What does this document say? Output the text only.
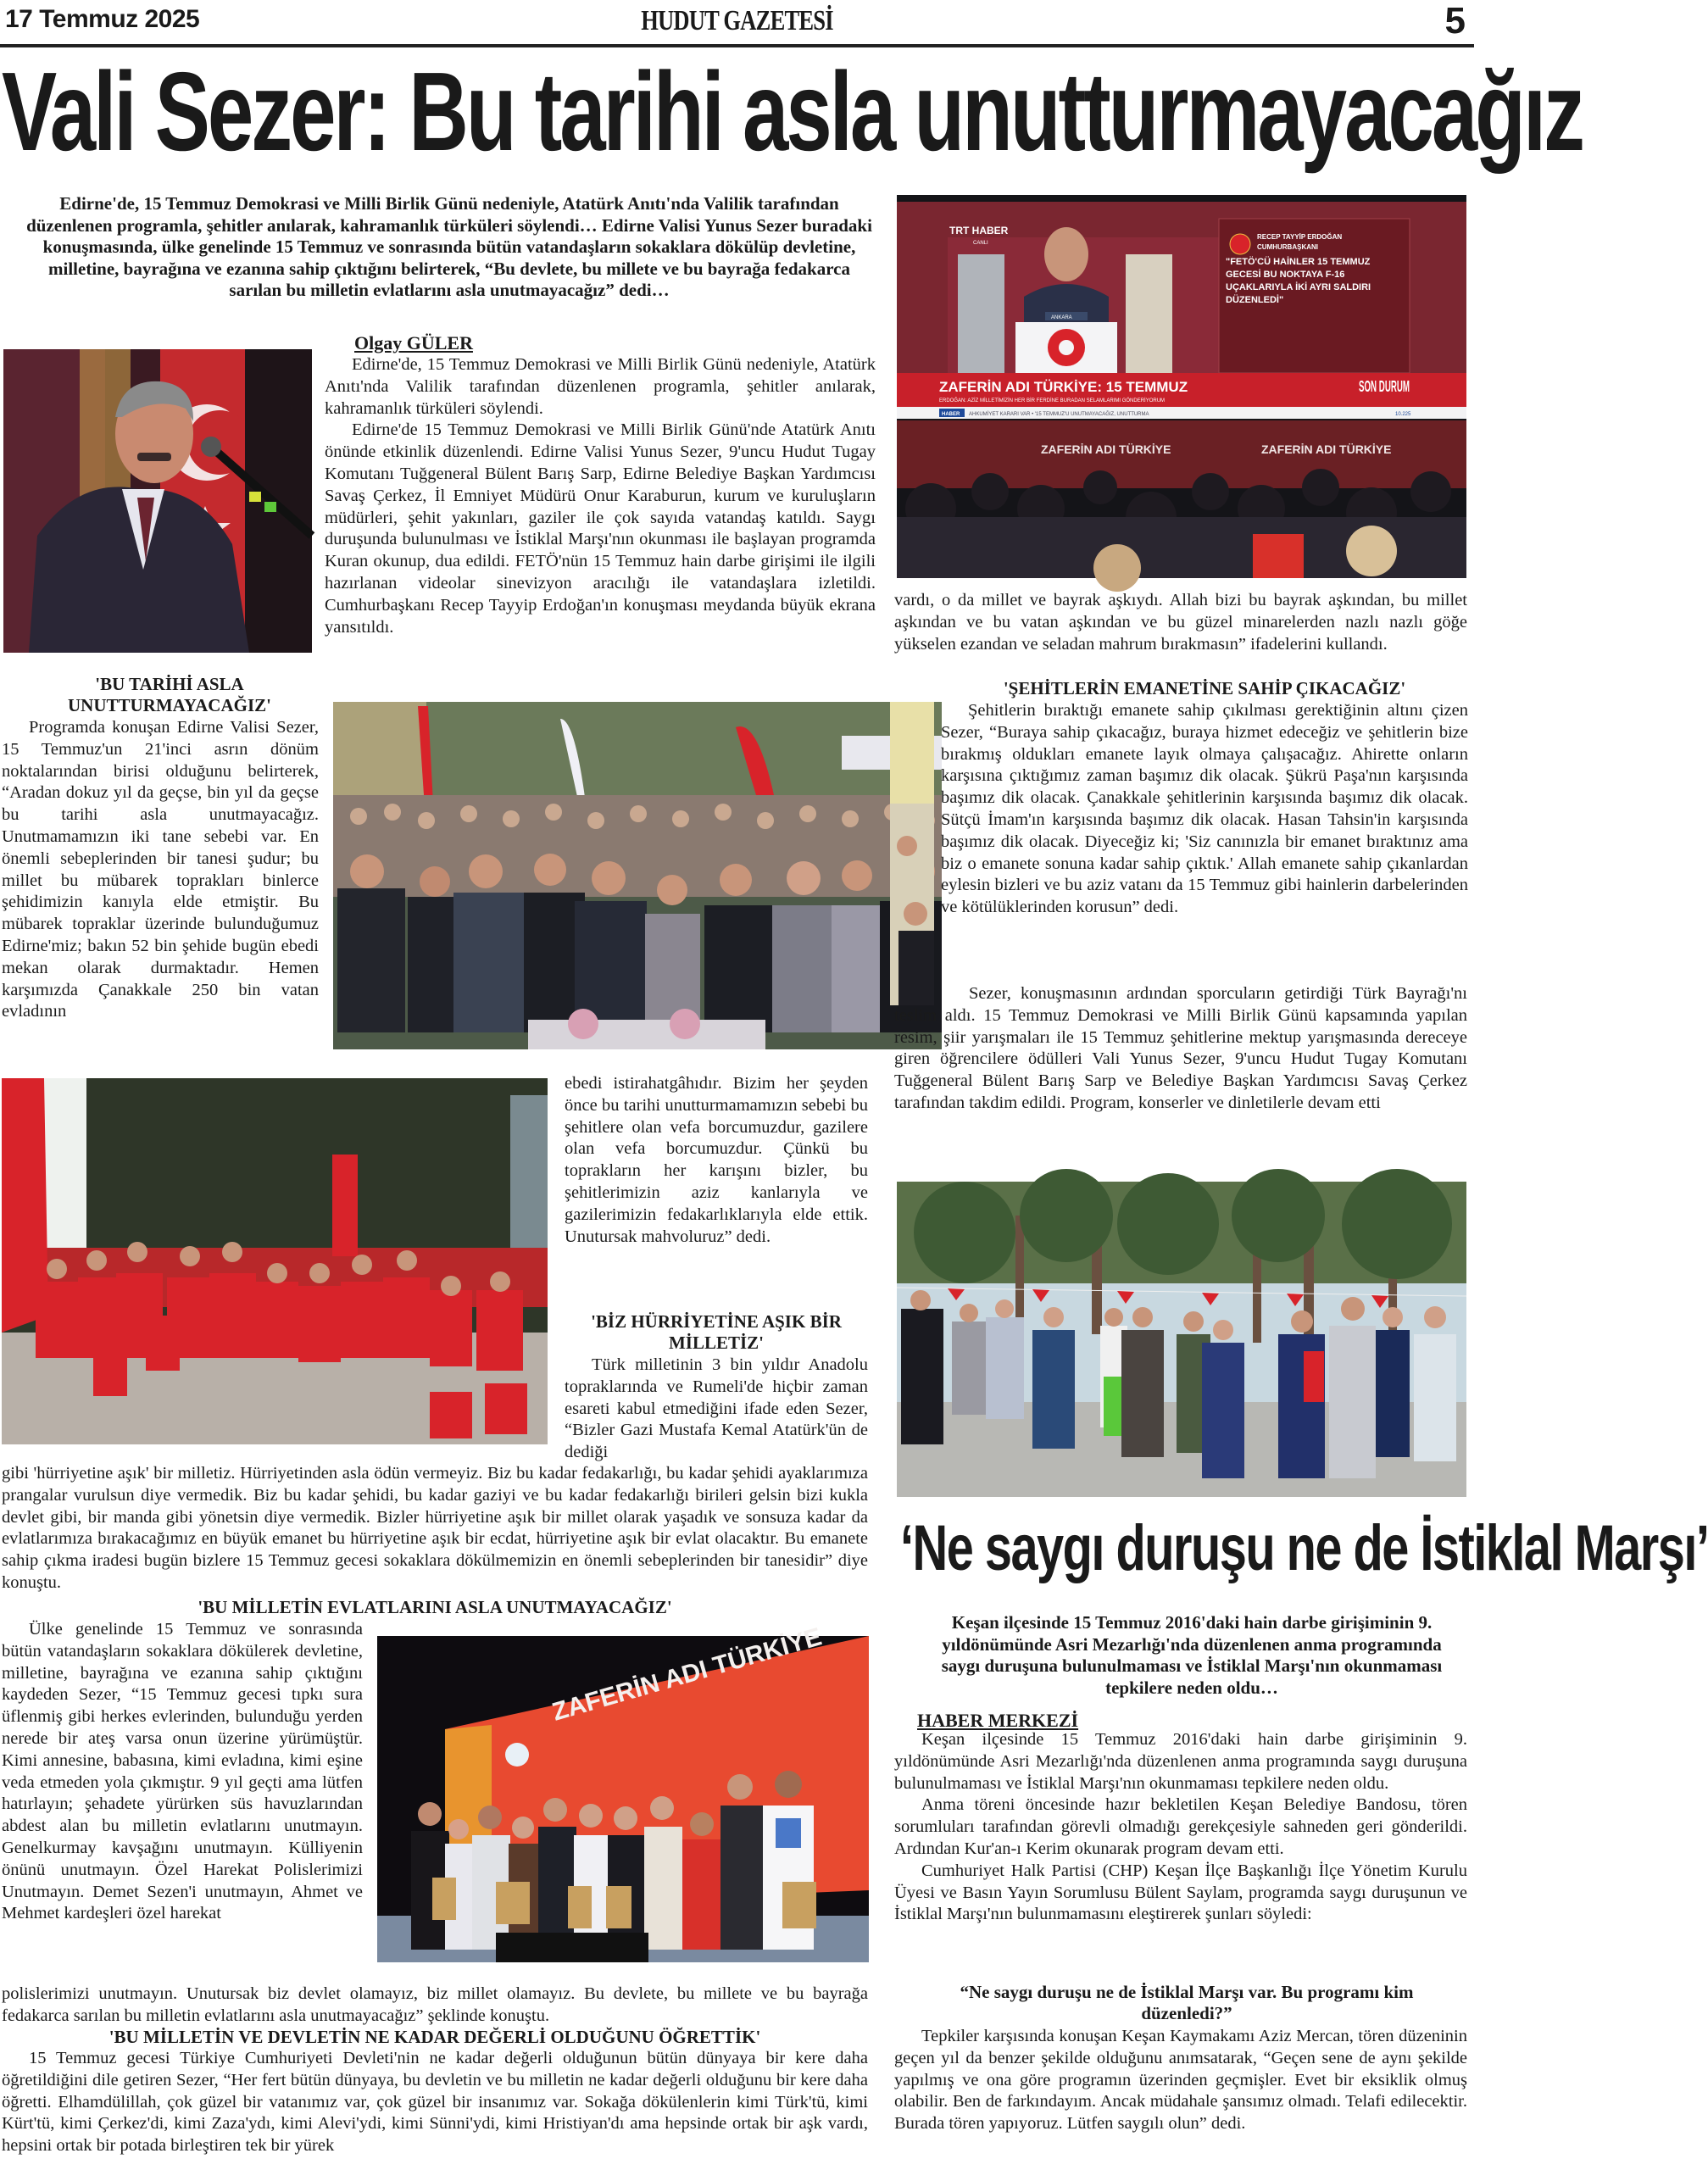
17 Temmuz 2025	HUDUT GAZETESİ	5
Vali Sezer: Bu tarihi asla unutturmayacağız
Edirne'de, 15 Temmuz Demokrasi ve Milli Birlik Günü nedeniyle, Atatürk Anıtı'nda Valilik tarafından düzenlenen programla, şehitler anılarak, kahramanlık türküleri söylendi… Edirne Valisi Yunus Sezer buradaki konuşmasında, ülke genelinde 15 Temmuz ve sonrasında bütün vatandaşların sokaklara dökülüp devletine, milletine, bayrağına ve ezanına sahip çıktığını belirterek, “Bu devlete, bu millete ve bu bayrağa fedakarca sarılan bu milletin evlatlarını asla unutmayacağız” dedi…
Olgay GÜLER

Edirne'de, 15 Temmuz Demokrasi ve Milli Birlik Günü nedeniyle, Atatürk Anıtı'nda Valilik tarafından düzenlenen programla, şehitler anılarak, kahramanlık türküleri söylendi.

Edirne'de 15 Temmuz Demokrasi ve Milli Birlik Günü'nde Atatürk Anıtı önünde etkinlik düzenlendi. Edirne Valisi Yunus Sezer, 9'uncu Hudut Tugay Komutanı Tuğgeneral Bülent Barış Sarp, Edirne Belediye Başkan Yardımcısı Savaş Çerkez, İl Emniyet Müdürü Onur Karaburun, kurum ve kuruluşların müdürleri, şehit yakınları, gaziler ile çok sayıda vatandaş katıldı. Saygı duruşunda bulunulması ve İstiklal Marşı'nın okunması ile başlayan programda Kuran okunup, dua edildi. FETÖ'nün 15 Temmuz hain darbe girişimi ile ilgili hazırlanan videolar sinevizyon aracılığı ile vatandaşlara izletildi. Cumhurbaşkanı Recep Tayyip Erdoğan'ın konuşması meydanda büyük ekrana yansıtıldı.

'BU TARİHİ ASLA UNUTTURMAYACAĞIZ'

Programda konuşan Edirne Valisi Sezer, 15 Temmuz'un 21'inci asrın dönüm noktalarından birisi olduğunu belirterek, “Aradan dokuz yıl da geçse, bin yıl da geçse bu tarihi asla unutmayacağız. Unutmamamızın iki tane sebebi var. En önemli sebeplerinden bir tanesi şudur; bu millet bu mübarek toprakları binlerce şehidimizin kanıyla elde etmiştir. Bu mübarek topraklar üzerinde bulunduğumuz Edirne'miz; bakın 52 bin şehide bugün ebedi mekan olarak durmaktadır. Hemen karşımızda Çanakkale 250 bin vatan evladının

ebedi istirahatgâhıdır. Bizim her şeyden önce bu tarihi unutturmamamızın sebebi bu şehitlere olan vefa borcumuzdur, gazilere olan vefa borcumuzdur. Çünkü bu toprakların her karışını bizler, bu şehitlerimizin aziz kanlarıyla ve gazilerimizin fedakarlıklarıyla elde ettik. Unutursak mahvoluruz” dedi.

'BİZ HÜRRİYETİNE AŞIK BİR MİLLETİZ'

Türk milletinin 3 bin yıldır Anadolu topraklarında ve Rumeli'de hiçbir zaman esareti kabul etmediğini ifade eden Sezer, “Bizler Gazi Mustafa Kemal Atatürk'ün de dediği

gibi 'hürriyetine aşık' bir milletiz. Hürriyetinden asla ödün vermeyiz. Biz bu kadar fedakarlığı, bu kadar şehidi ayaklarımıza prangalar vurulsun diye vermedik. Biz bu kadar şehidi, bu kadar gaziyi ve bu kadar fedakarlığı birileri gelsin bizi kukla devlet gibi, bir manda gibi yönetsin diye vermedik. Bizler hürriyetine aşık bir millet olarak yaşadık ve sonsuza kadar da evlatlarımıza bırakacağımız en büyük emanet bu hürriyetine aşık bir ecdat, hürriyetine aşık bir evlat olacaktır. Bu emanete sahip çıkma iradesi bugün bizlere 15 Temmuz gecesi sokaklara dökülmemizin en önemli sebeplerinden bir tanesidir” diye konuştu.

'BU MİLLETİN EVLATLARINI ASLA UNUTMAYACAĞIZ'

Ülke genelinde 15 Temmuz ve sonrasında bütün vatandaşların sokaklara dökülerek devletine, milletine, bayrağına ve ezanına sahip çıktığını kaydeden Sezer, “15 Temmuz gecesi tıpkı sura üflenmiş gibi herkes evlerinden, bulunduğu yerden nerede bir ateş varsa onun üzerine yürümüştür. Kimi annesine, babasına, kimi evladına, kimi eşine veda etmeden yola çıkmıştır. 9 yıl geçti ama lütfen hatırlayın; şehadete yürürken süs havuzlarından abdest alan bu milletin evlatlarını unutmayın. Genelkurmay kavşağını unutmayın. Külliyenin önünü unutmayın. Özel Harekat Polislerimizi Unutmayın. Demet Sezen'i unutmayın, Ahmet ve Mehmet kardeşleri özel harekat

ZAFERİN ADI TÜRKİYE

polislerimizi unutmayın. Unutursak biz devlet olamayız, biz millet olamayız. Bu devlete, bu millete ve bu bayrağa fedakarca sarılan bu milletin evlatlarını asla unutmayacağız” şeklinde konuştu.

'BU MİLLETİN VE DEVLETİN NE KADAR DEĞERLİ OLDUĞUNU ÖĞRETTİK'

15 Temmuz gecesi Türkiye Cumhuriyeti Devleti'nin ne kadar değerli olduğunun bütün dünyaya bir kere daha öğretildiğini dile getiren Sezer, “Her fert bütün dünyaya, bu devletin ve bu milletin ne kadar değerli olduğunu bir kere daha öğretti. Elhamdülillah, çok güzel bir vatanımız var, çok güzel bir insanımız var. Sokağa dökülenlerin kimi Türk'tü, kimi Kürt'tü, kimi Çerkez'di, kimi Zaza'ydı, kimi Alevi'ydi, kimi Sünni'ydi, kimi Hristiyan'dı ama hepsinde ortak bir aşk vardı, hepsini ortak bir potada birleştiren tek bir yürek

TRT HABER
CANLI
ANKARA
RECEP TAYYİP ERDOĞAN
CUMHURBAŞKANI
"FETÖ'CÜ HAİNLER 15 TEMMUZ GECESİ BU NOKTAYA F-16 UÇAKLARIYLA İKİ AYRI SALDIRI DÜZENLEDİ"
ZAFERİN ADI TÜRKİYE: 15 TEMMUZ
ERDOĞAN: AZİZ MİLLETİMİZİN HER BİR FERDİNE BURADAN SELAMLARIMI GÖNDERİYORUM
SON DURUM
HABER AHKUMİYET KARARI VAR • '15 TEMMUZ'U UNUTMAYACAĞIZ, UNUTTURMA	10.225
ZAFERİN ADI TÜRKİYE	ZAFERİN ADI TÜRKİYE

vardı, o da millet ve bayrak aşkıydı. Allah bizi bu bayrak aşkından, bu millet aşkından ve bu vatan aşkından ve bu güzel minarelerden nazlı nazlı göğe yükselen ezandan ve seladan mahrum bırakmasın” ifadelerini kullandı.

'ŞEHİTLERİN EMANETİNE SAHİP ÇIKACAĞIZ'

Şehitlerin bıraktığı emanete sahip çıkılması gerektiğinin altını çizen Sezer, “Buraya sahip çıkacağız, buraya hizmet edeceğiz ve şehitlerin bize bırakmış oldukları emanete layık olmaya çalışacağız. Ahirette onların karşısına çıktığımız zaman başımız dik olacak. Şükrü Paşa'nın karşısında başımız dik olacak. Çanakkale şehitlerinin karşısında başımız dik olacak. Sütçü İmam'ın karşısında başımız dik olacak. Hasan Tahsin'in karşısında başımız dik olacak. Diyeceğiz ki; 'Siz canınızla bir emanet bıraktınız ama biz o emanete sonuna kadar sahip çıktık.' Allah emanete sahip çıkanlardan eylesin bizleri ve bu aziz vatanı da 15 Temmuz gibi hainlerin darbelerinden ve kötülüklerinden korusun” dedi.

Sezer, konuşmasının ardından sporcuların getirdiği Türk Bayrağı'nı teslim aldı. 15 Temmuz Demokrasi ve Milli Birlik Günü kapsamında yapılan resim, şiir yarışmaları ile 15 Temmuz şehitlerine mektup yarışmasında dereceye giren öğrencilere ödülleri Vali Yunus Sezer, 9'uncu Hudut Tugay Komutanı Tuğgeneral Bülent Barış Sarp ve Belediye Başkan Yardımcısı Savaş Çerkez tarafından takdim edildi. Program, konserler ve dinletilerle devam etti

‘Ne saygı duruşu ne de İstiklal Marşı’
Keşan ilçesinde 15 Temmuz 2016'daki hain darbe girişiminin 9. yıldönümünde Asri Mezarlığı'nda düzenlenen anma programında saygı duruşuna bulunulmaması ve İstiklal Marşı'nın okunmaması tepkilere neden oldu…
HABER MERKEZİ

Keşan ilçesinde 15 Temmuz 2016'daki hain darbe girişiminin 9. yıldönümünde Asri Mezarlığı'nda düzenlenen anma programında saygı duruşuna bulunulmaması ve İstiklal Marşı'nın okunmaması tepkilere neden oldu.

Anma töreni öncesinde hazır bekletilen Keşan Belediye Bandosu, tören sorumluları tarafından görevli olmadığı gerekçesiyle sahneden geri gönderildi. Ardından Kur'an-ı Kerim okunarak program devam etti.

Cumhuriyet Halk Partisi (CHP) Keşan İlçe Başkanlığı İlçe Yönetim Kurulu Üyesi ve Basın Yayın Sorumlusu Bülent Saylam, programda saygı duruşunun ve İstiklal Marşı'nın bulunmamasını eleştirerek şunları söyledi:

“Ne saygı duruşu ne de İstiklal Marşı var. Bu programı kim düzenledi?”

Tepkiler karşısında konuşan Keşan Kaymakamı Aziz Mercan, tören düzeninin geçen yıl da benzer şekilde olduğunu anımsatarak, “Geçen sene de aynı şekilde yapılmış ve ona göre programın üzerinden geçmişler. Evet bir eksiklik olmuş olabilir. Ben de farkındayım. Ancak müdahale şansımız olmadı. Telafi edilecektir. Burada tören yapıyoruz. Lütfen saygılı olun” dedi.
